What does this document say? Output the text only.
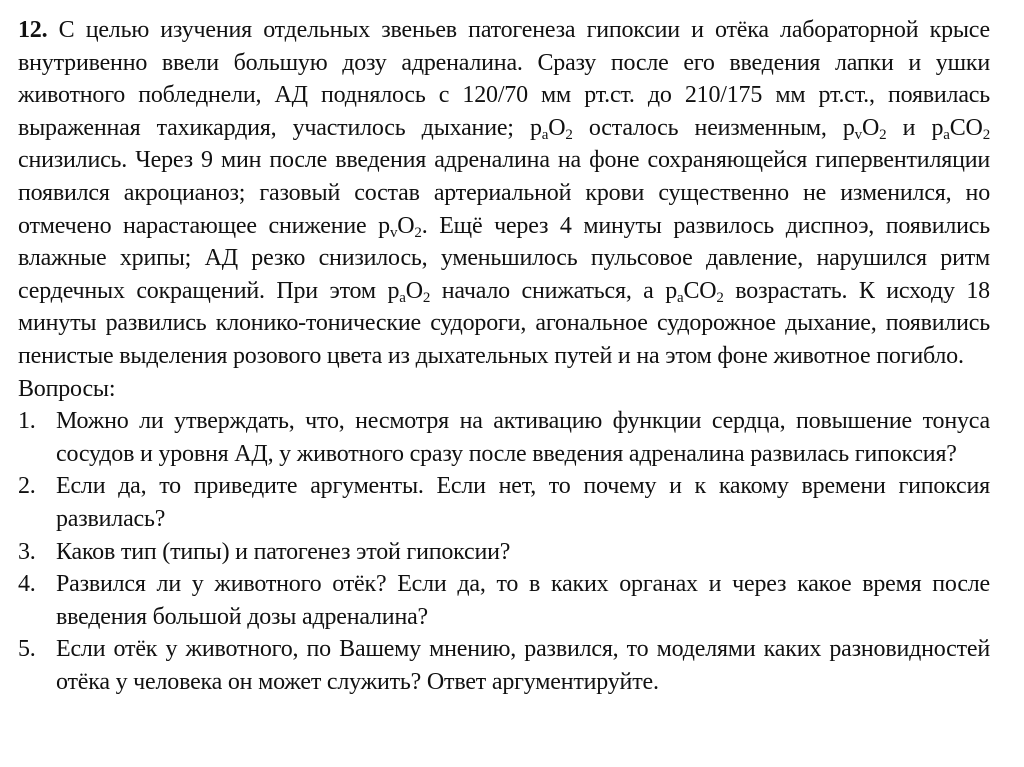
12. С целью изучения отдельных звеньев патогенеза гипоксии и отёка лабораторной крысе внутривенно ввели большую дозу адреналина. Сразу после его введения лапки и ушки животного побледнели, АД поднялось с 120/70 мм рт.ст. до 210/175 мм рт.ст., появилась выраженная тахикардия, участилось дыхание; $p_aO_2$ осталось неизменным, $p_vO_2$ и $p_aCO_2$ снизились. Через 9 мин после введения адреналина на фоне сохраняющейся гипервентиляции появился акроцианоз; газовый состав артериальной крови существенно не изменился, но отмечено нарастающее снижение $p_vO_2$. Ещё через 4 минуты развилось диспноэ, появились влажные хрипы; АД резко снизилось, уменьшилось пульсовое давление, нарушился ритм сердечных сокращений. При этом $p_aO_2$ начало снижаться, а $p_aCO_2$ возрастать. К исходу 18 минуты развились клонико-тонические судороги, агональное судорожное дыхание, появились пенистые выделения розового цвета из дыхательных путей и на этом фоне животное погибло.

Вопросы:

1. Можно ли утверждать, что, несмотря на активацию функции сердца, повышение тонуса сосудов и уровня АД, у животного сразу после введения адреналина развилась гипоксия?
2. Если да, то приведите аргументы. Если нет, то почему и к какому времени гипоксия развилась?
3. Каков тип (типы) и патогенез этой гипоксии?
4. Развился ли у животного отёк? Если да, то в каких органах и через какое время после введения большой дозы адреналина?
5. Если отёк у животного, по Вашему мнению, развился, то моделями каких разновидностей отёка у человека он может служить? Ответ аргументируйте.
